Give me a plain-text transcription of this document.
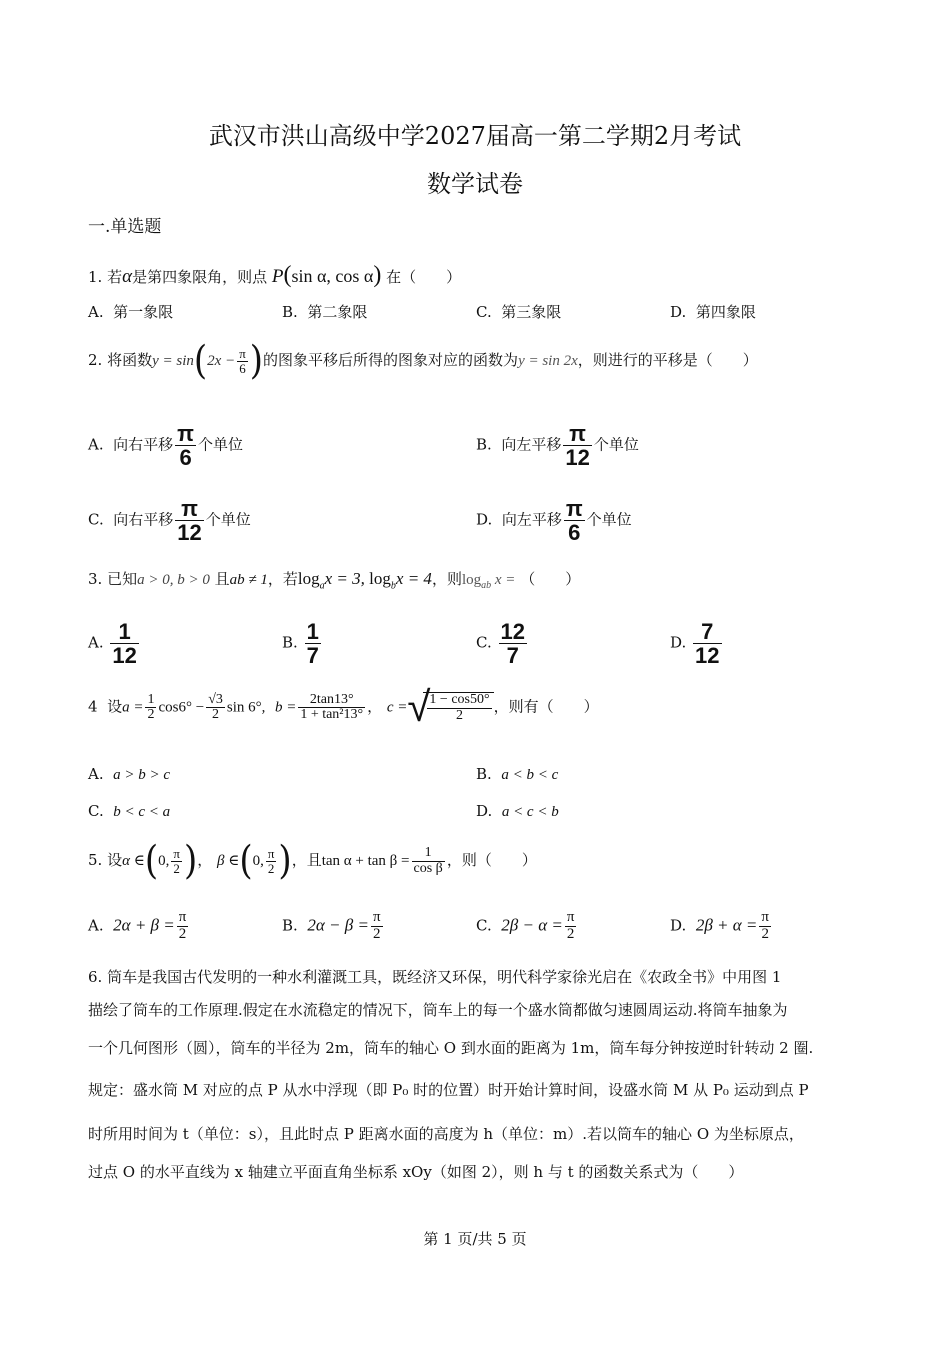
武汉市洪山高级中学2027届高一第二学期2月考试
数学试卷
一.单选题
1. 若α是第四象限角，则点 P(sin α, cos α) 在（　　）
A. 第一象限	B. 第二象限	C. 第三象限	D. 第四象限
2. 将函数$y = \sin(2x - \frac{\pi}{6}$ )的图象平移后所得的图象对应的函数为y = sin 2x，则进行的平移是（　　）
A. 向右平移 $\frac{\pi}{6}$ 个单位	B. 向左平移 $\frac{\pi}{12}$ 个单位
C. 向右平移 $\frac{\pi}{12}$ 个单位	D. 向左平移 $\frac{\pi}{6}$ 个单位
3. 已知a > 0, b > 0 且ab ≠ 1，若$\log_ax = 3$, $\log_bx = 4$，则$\log_{ab} x$ = （　　）
A. $\frac{1}{12}$	B. $\frac{1}{7}$	C. $\frac{12}{7}$	D. $\frac{7}{12}$
4 设$a = \frac{1}{2} \cos 6^\circ - \frac{√3}{2}$ sin 6°, $b = \frac{2\tan 13^\circ}{\text{1 + tan²13°}}$ ， c = √
$\frac{1 - \cos 50^\circ}{2}$ ，则有（　　）
A. a > b > c	B. a < b < c
C. b < c < a	D. a < c < b
5. 设α ∈(0, $\frac{\pi}{2}$ )， β ∈(0, $\frac{\pi}{2}$ )，且$\tan \alpha + \tan \beta = \frac{1}{\text{cos β}}$ ，则（　　）
A. $2\alpha + \beta = \frac{\pi}{2}$	B. $2\alpha - \beta = \frac{\pi}{2}$	C. $2\beta - \alpha = \frac{\pi}{2}$	D. $2\beta + \alpha = \frac{\pi}{2}$
6. 筒车是我国古代发明的一种水利灌溉工具，既经济又环保，明代科学家徐光启在《农政全书》中用图 1
描绘了筒车的工作原理.假定在水流稳定的情况下，筒车上的每一个盛水筒都做匀速圆周运动.将筒车抽象为
一个几何图形（圆），筒车的半径为 2m，筒车的轴心 O 到水面的距离为 1m，筒车每分钟按逆时针转动 2 圈.
规定：盛水筒 M 对应的点 P 从水中浮现（即 P₀ 时的位置）时开始计算时间，设盛水筒 M 从 P₀ 运动到点 P
时所用时间为 t（单位：s），且此时点 P 距离水面的高度为 h（单位：m）.若以筒车的轴心 O 为坐标原点，
过点 O 的水平直线为 x 轴建立平面直角坐标系 xOy（如图 2），则 h 与 t 的函数关系式为（　　）
第 1 页/共 5 页
